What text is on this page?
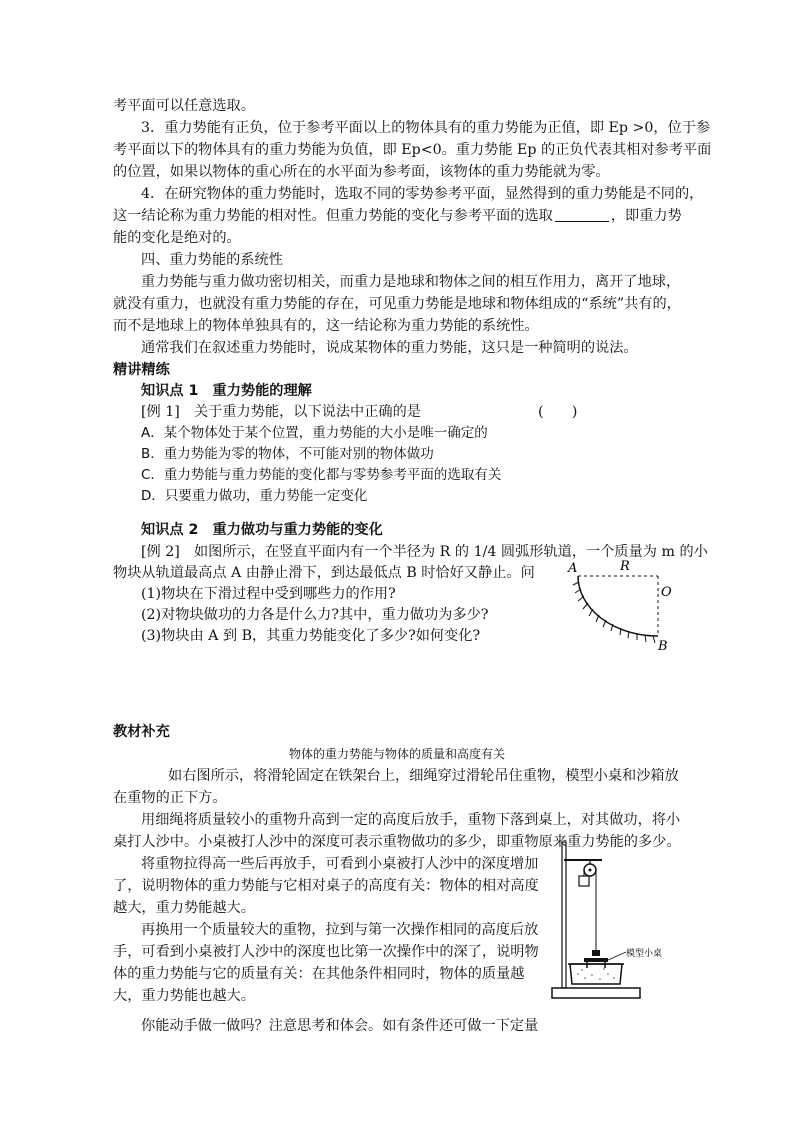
考平面可以任意选取。
3．重力势能有正负，位于参考平面以上的物体具有的重力势能为正值，即 Ep >0，位于参
考平面以下的物体具有的重力势能为负值，即 Ep<0。重力势能 Ep 的正负代表其相对参考平面
的位置，如果以物体的重心所在的水平面为参考面，该物体的重力势能就为零。
4．在研究物体的重力势能时，选取不同的零势参考平面，显然得到的重力势能是不同的，
这一结论称为重力势能的相对性。但重力势能的变化与参考平面的选取	，即重力势
能的变化是绝对的。
四、重力势能的系统性
重力势能与重力做功密切相关，而重力是地球和物体之间的相互作用力，离开了地球，
就没有重力，也就没有重力势能的存在，可见重力势能是地球和物体组成的“系统”共有的，
而不是地球上的物体单独具有的，这一结论称为重力势能的系统性。
通常我们在叙述重力势能时，说成某物体的重力势能，这只是一种简明的说法。
精讲精练
知识点 1　重力势能的理解
[例 1]　关于重力势能，以下说法中正确的是	(　　)
A．某个物体处于某个位置，重力势能的大小是唯一确定的
B．重力势能为零的物体，不可能对别的物体做功
C．重力势能与重力势能的变化都与零势参考平面的选取有关
D．只要重力做功，重力势能一定变化
知识点 2　重力做功与重力势能的变化
[例 2]　如图所示，在竖直平面内有一个半径为 R 的 1/4 圆弧形轨道，一个质量为 m 的小
物块从轨道最高点 A 由静止滑下，到达最低点 B 时恰好又静止。问
(1)物块在下滑过程中受到哪些力的作用?
(2)对物块做功的力各是什么力?其中，重力做功为多少?
(3)物块由 A 到 B，其重力势能变化了多少?如何变化?
A	R
O
B
教材补充
物体的重力势能与物体的质量和高度有关
如右图所示，将滑轮固定在铁架台上，细绳穿过滑轮吊住重物，模型小桌和沙箱放
在重物的正下方。
用细绳将质量较小的重物升高到一定的高度后放手，重物下落到桌上，对其做功，将小
桌打人沙中。小桌被打人沙中的深度可表示重物做功的多少，即重物原来重力势能的多少。
将重物拉得高一些后再放手，可看到小桌被打人沙中的深度增加
了，说明物体的重力势能与它相对桌子的高度有关：物体的相对高度
越大，重力势能越大。
再换用一个质量较大的重物，拉到与第一次操作相同的高度后放
手，可看到小桌被打人沙中的深度也比第一次操作中的深了，说明物
体的重力势能与它的质量有关：在其他条件相同时，物体的质量越
大，重力势能也越大。
你能动手做一做吗？注意思考和体会。如有条件还可做一下定量
模型小桌
